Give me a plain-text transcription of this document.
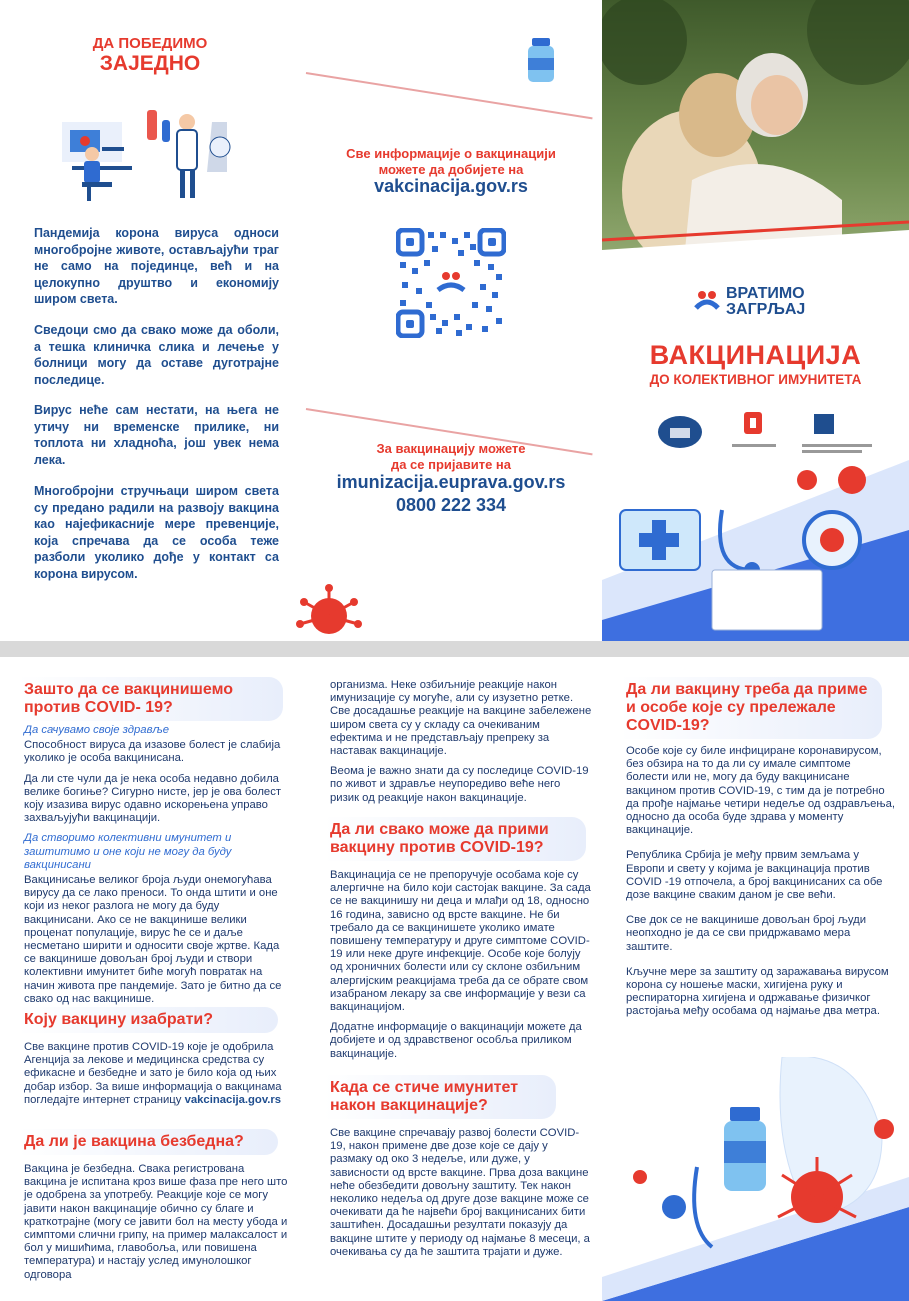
ДА ПОБЕДИМО
ЗАЈЕДНО
Пандемија корона вируса односи многобројне животе, остављајући траг не само на појединце, већ и на целокупно друштво и економију широм света.
Сведоци смо да свако може да оболи, а тешка клиничка слика и лечење у болници могу да оставе дуготрајне последице.
Вирус неће сам нестати, на њега не утичу ни временске прилике, ни топлота ни хладноћа, још увек нема лека.
Многобројни стручњаци широм света су предано радили на развоју вакцина као најефикасније мере превенције, која спречава да се особа теже разболи уколико дође у контакт са корона вирусом.
Све информације о вакцинацији
можете да добијете на
vakcinacija.gov.rs
За вакцинацију можете
да се пријавите на
imunizacija.euprava.gov.rs
0800 222 334
ВРАТИМО
ЗАГРЉАЈ
ВАКЦИНАЦИЈА
ДО КОЛЕКТИВНОГ ИМУНИТЕТА
Зашто да се вакцинишемо против COVID- 19?

Да сачувамо своје здравље

Способност вируса да изазове болест је слабија уколико је особа вакцинисана.

Да ли сте чули да је нека особа недавно добила велике богиње? Сигурно нисте, јер је ова болест коју изазива вирус одавно искорењена управо захваљујући вакцинацији.

Да створимо колективни имунитет и заштитимо и оне који не могу да буду вакцинисани

Вакцинисање великог броја људи онемогућава вирусу да се лако преноси. То онда штити и оне који из неког разлога не могу да буду вакцинисани. Ако се не вакцинише велики проценат популације, вирус ће се и даље несметано ширити и односити своје жртве. Када се вакцинише довољан број људи и створи колективни имунитет биће могућ повратак на начин живота пре пандемије. Зато је битно да се свако од нас вакцинише.

Коју вакцину изабрати?

Све вакцине против COVID-19 које је одобрила Агенција за лекове и медицинска средства су ефикасне и безбедне и зато је било која од њих добар избор. За више информација о вакцинама погледајте интернет страницу vakcinacija.gov.rs

Да ли је вакцина безбедна?
Вакцина је безбедна. Свака регистрована вакцина је испитана кроз више фаза пре него што је одобрена за употребу. Реакције које се могу јавити након вакцинације обично су благе и краткотрајне (могу се јавити бол на месту убода и симптоми слични грипу, на пример малаксалост и бол у мишићима, главобоља, или повишена температура) и настају услед имунолошког одговора

организма. Неке озбиљније реакције након имунизације су могуће, али су изузетно ретке. Све досадашње реакције на вакцине забележене широм света су у складу са очекиваним ефектима и не представљају препреку за наставак вакцинације.

Веома је важно знати да су последице COVID-19 по живот и здравље неупоредиво веће него ризик од реакције након вакцинације.

Да ли свако може да прими вакцину против COVID-19?

Вакцинација се не препоручује особама које су алергичне на било који састојак вакцине. За сада се не вакцинишу ни деца и млађи од 18, односно 16 година, зависно од врсте вакцине. Не би требало да се вакцинишете уколико имате повишену температуру и друге симптоме COVID-19 или неке друге инфекције. Особе које болују од хроничних болести или су склоне озбиљним алергијским реакцијама треба да се обрате свом изабраном лекару за све информације у вези са вакцинацијом.

Додатне информације о вакцинацији можете да добијете и од здравственог особља приликом вакцинације.

Када се стиче имунитет након вакцинације?
Све вакцине спречавају развој болести COVID-19, након примене две дозе које се дају у размаку од око 3 недеље, или дуже, у зависности од врсте вакцине. Прва доза вакцине неће обезбедити довољну заштиту. Тек након неколико недеља од друге дозе вакцине може се очекивати да ће највећи број вакцинисаних бити заштићен. Досадашњи резултати показују да вакцине штите у периоду од најмање 8 месеци, а очекивања су да ће заштита трајати и дуже.
Да ли вакцину треба да приме и особе које су прележале COVID-19?

Особе које су биле инфициране коронавирусом, без обзира на то да ли су имале симптоме болести или не, могу да буду вакцинисане вакцином против COVID-19, с тим да је потребно да прође најмање четири недеље од оздрављења, односно да особа буде здрава у моменту вакцинације.

Република Србија је међу првим земљама у Европи и свету у којима је вакцинација против COVID -19 отпочела, а број вакцинисаних са обе дозе вакцине сваким даном је све већи.

Све док се не вакцинише довољан број људи неопходно је да се сви придржавамо мера заштите.

Кључне мере за заштиту од заражавања вирусом корона су ношење маски, хигијена руку и респираторна хигијена и одржавање физичког растојања међу особама од најмање два метра.
